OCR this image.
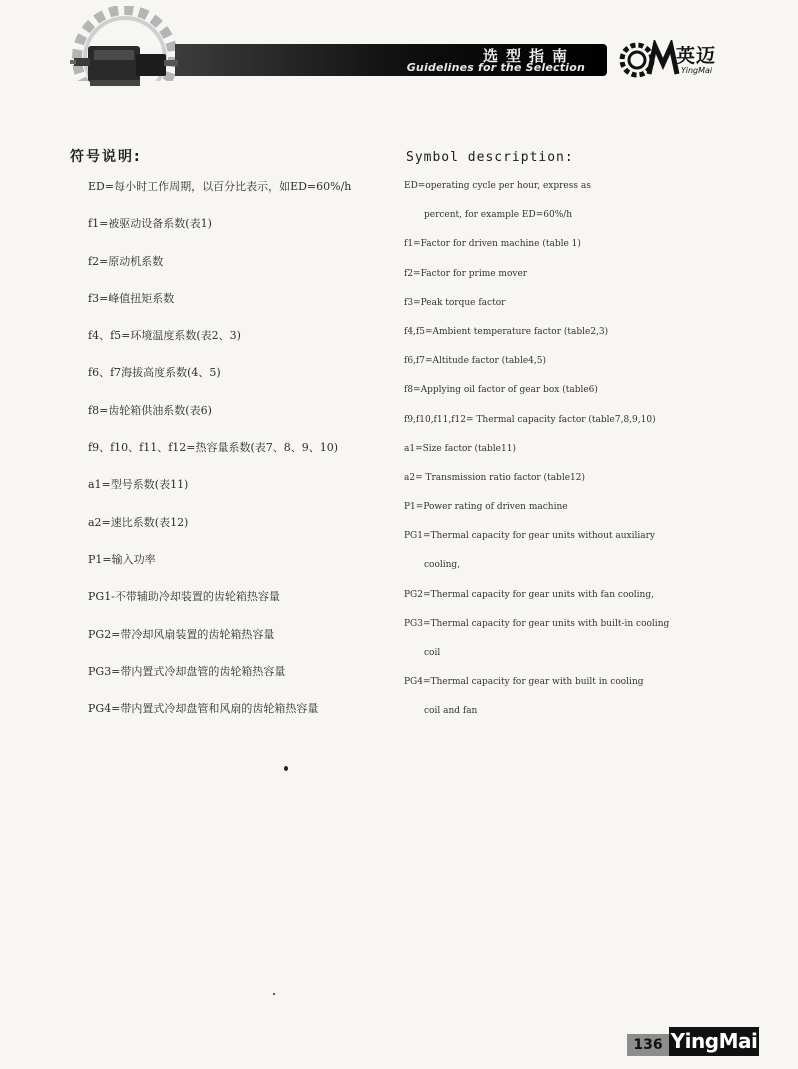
选型指南
Guidelines for the Selection
英迈
YingMai
符号说明:
ED=每小时工作周期，以百分比表示，如ED=60%/h
f1=被驱动设备系数(表1)
f2=原动机系数
f3=峰值扭矩系数
f4、f5=环境温度系数(表2、3)
f6、f7海拔高度系数(4、5)
f8=齿轮箱供油系数(表6)
f9、f10、f11、f12=热容量系数(表7、8、9、10)
a1=型号系数(表11)
a2=速比系数(表12)
P1=输入功率
PG1-不带辅助冷却装置的齿轮箱热容量
PG2=带冷却风扇装置的齿轮箱热容量
PG3=带内置式冷却盘管的齿轮箱热容量
PG4=带内置式冷却盘管和风扇的齿轮箱热容量
Symbol description:
ED=operating cycle per hour, express as
percent, for example ED=60%/h
f1=Factor for driven machine (table 1)
f2=Factor for prime mover
f3=Peak torque factor
f4,f5=Ambient temperature factor (table2,3)
f6,f7=Altitude factor (table4,5)
f8=Applying oil factor of gear box (table6)
f9,f10,f11,f12= Thermal capacity factor (table7,8,9,10)
a1=Size factor (table11)
a2= Transmission ratio factor (table12)
P1=Power rating of driven machine
PG1=Thermal capacity for gear units without auxiliary
cooling,
PG2=Thermal capacity for gear units with fan cooling,
PG3=Thermal capacity for gear units with built-in cooling
coil
PG4=Thermal capacity for gear with built in cooling
coil and fan
136 YingMai
